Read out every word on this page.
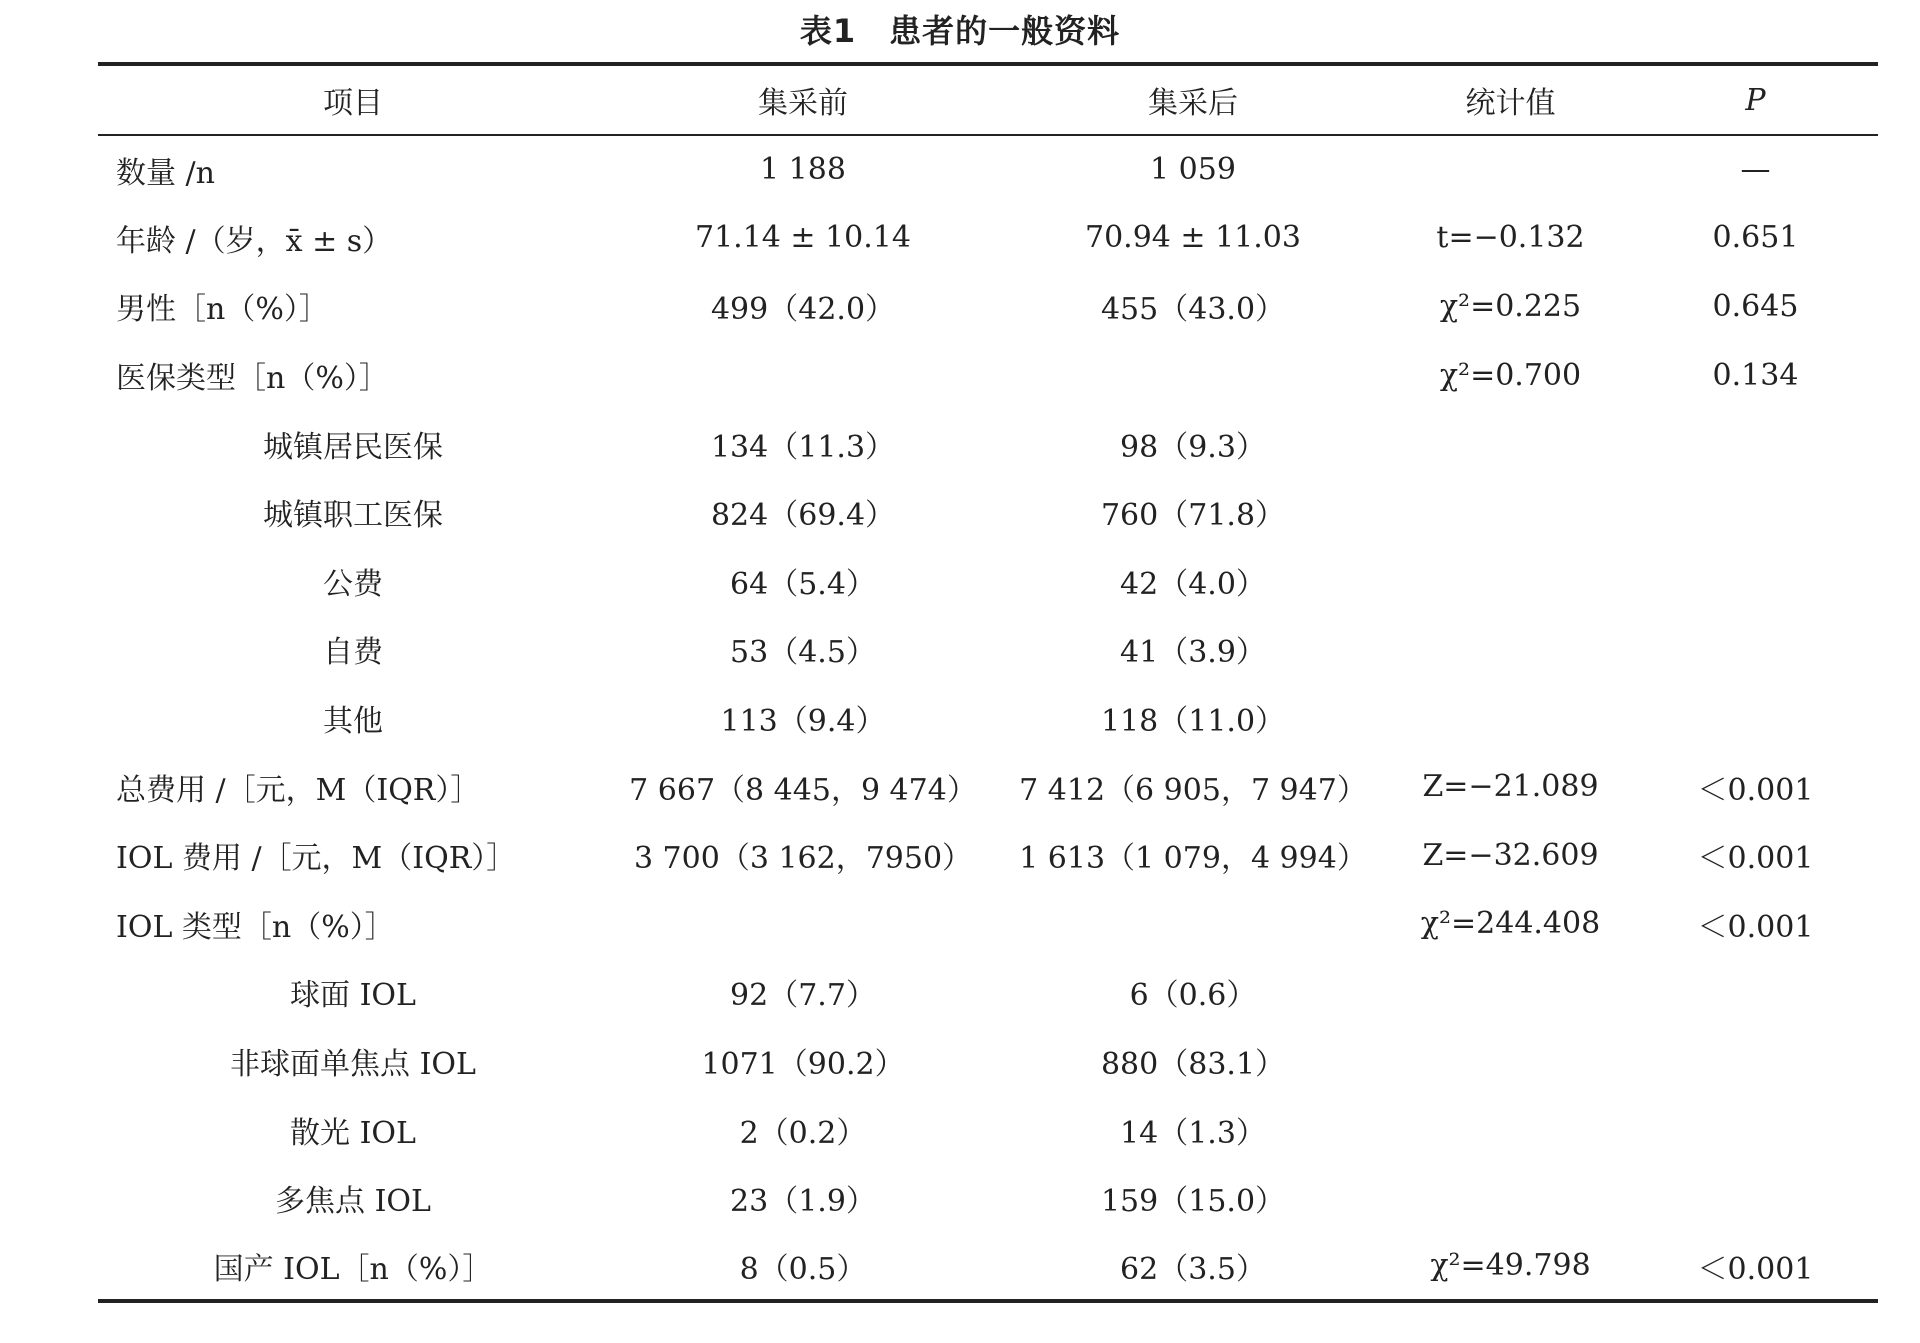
表1　患者的一般资料
项目	集采前	集采后	统计值	P
数量 /n	1 188	1 059		—
年龄 /（岁，x̄ ± s）	71.14 ± 10.14	70.94 ± 11.03	t=−0.132	0.651
男性［n（%）］	499（42.0）	455（43.0）	χ²=0.225	0.645
医保类型［n（%）］			χ²=0.700	0.134
城镇居民医保	134（11.3）	98（9.3）		
城镇职工医保	824（69.4）	760（71.8）		
公费	64（5.4）	42（4.0）		
自费	53（4.5）	41（3.9）		
其他	113（9.4）	118（11.0）		
总费用 /［元，M（IQR）］	7 667（8 445，9 474）	7 412（6 905，7 947）	Z=−21.089	＜0.001
IOL 费用 /［元，M（IQR）］	3 700（3 162，7950）	1 613（1 079，4 994）	Z=−32.609	＜0.001
IOL 类型［n（%）］			χ²=244.408	＜0.001
球面 IOL	92（7.7）	6（0.6）		
非球面单焦点 IOL	1071（90.2）	880（83.1）		
散光 IOL	2（0.2）	14（1.3）		
多焦点 IOL	23（1.9）	159（15.0）		
国产 IOL［n（%）］	8（0.5）	62（3.5）	χ²=49.798	＜0.001
